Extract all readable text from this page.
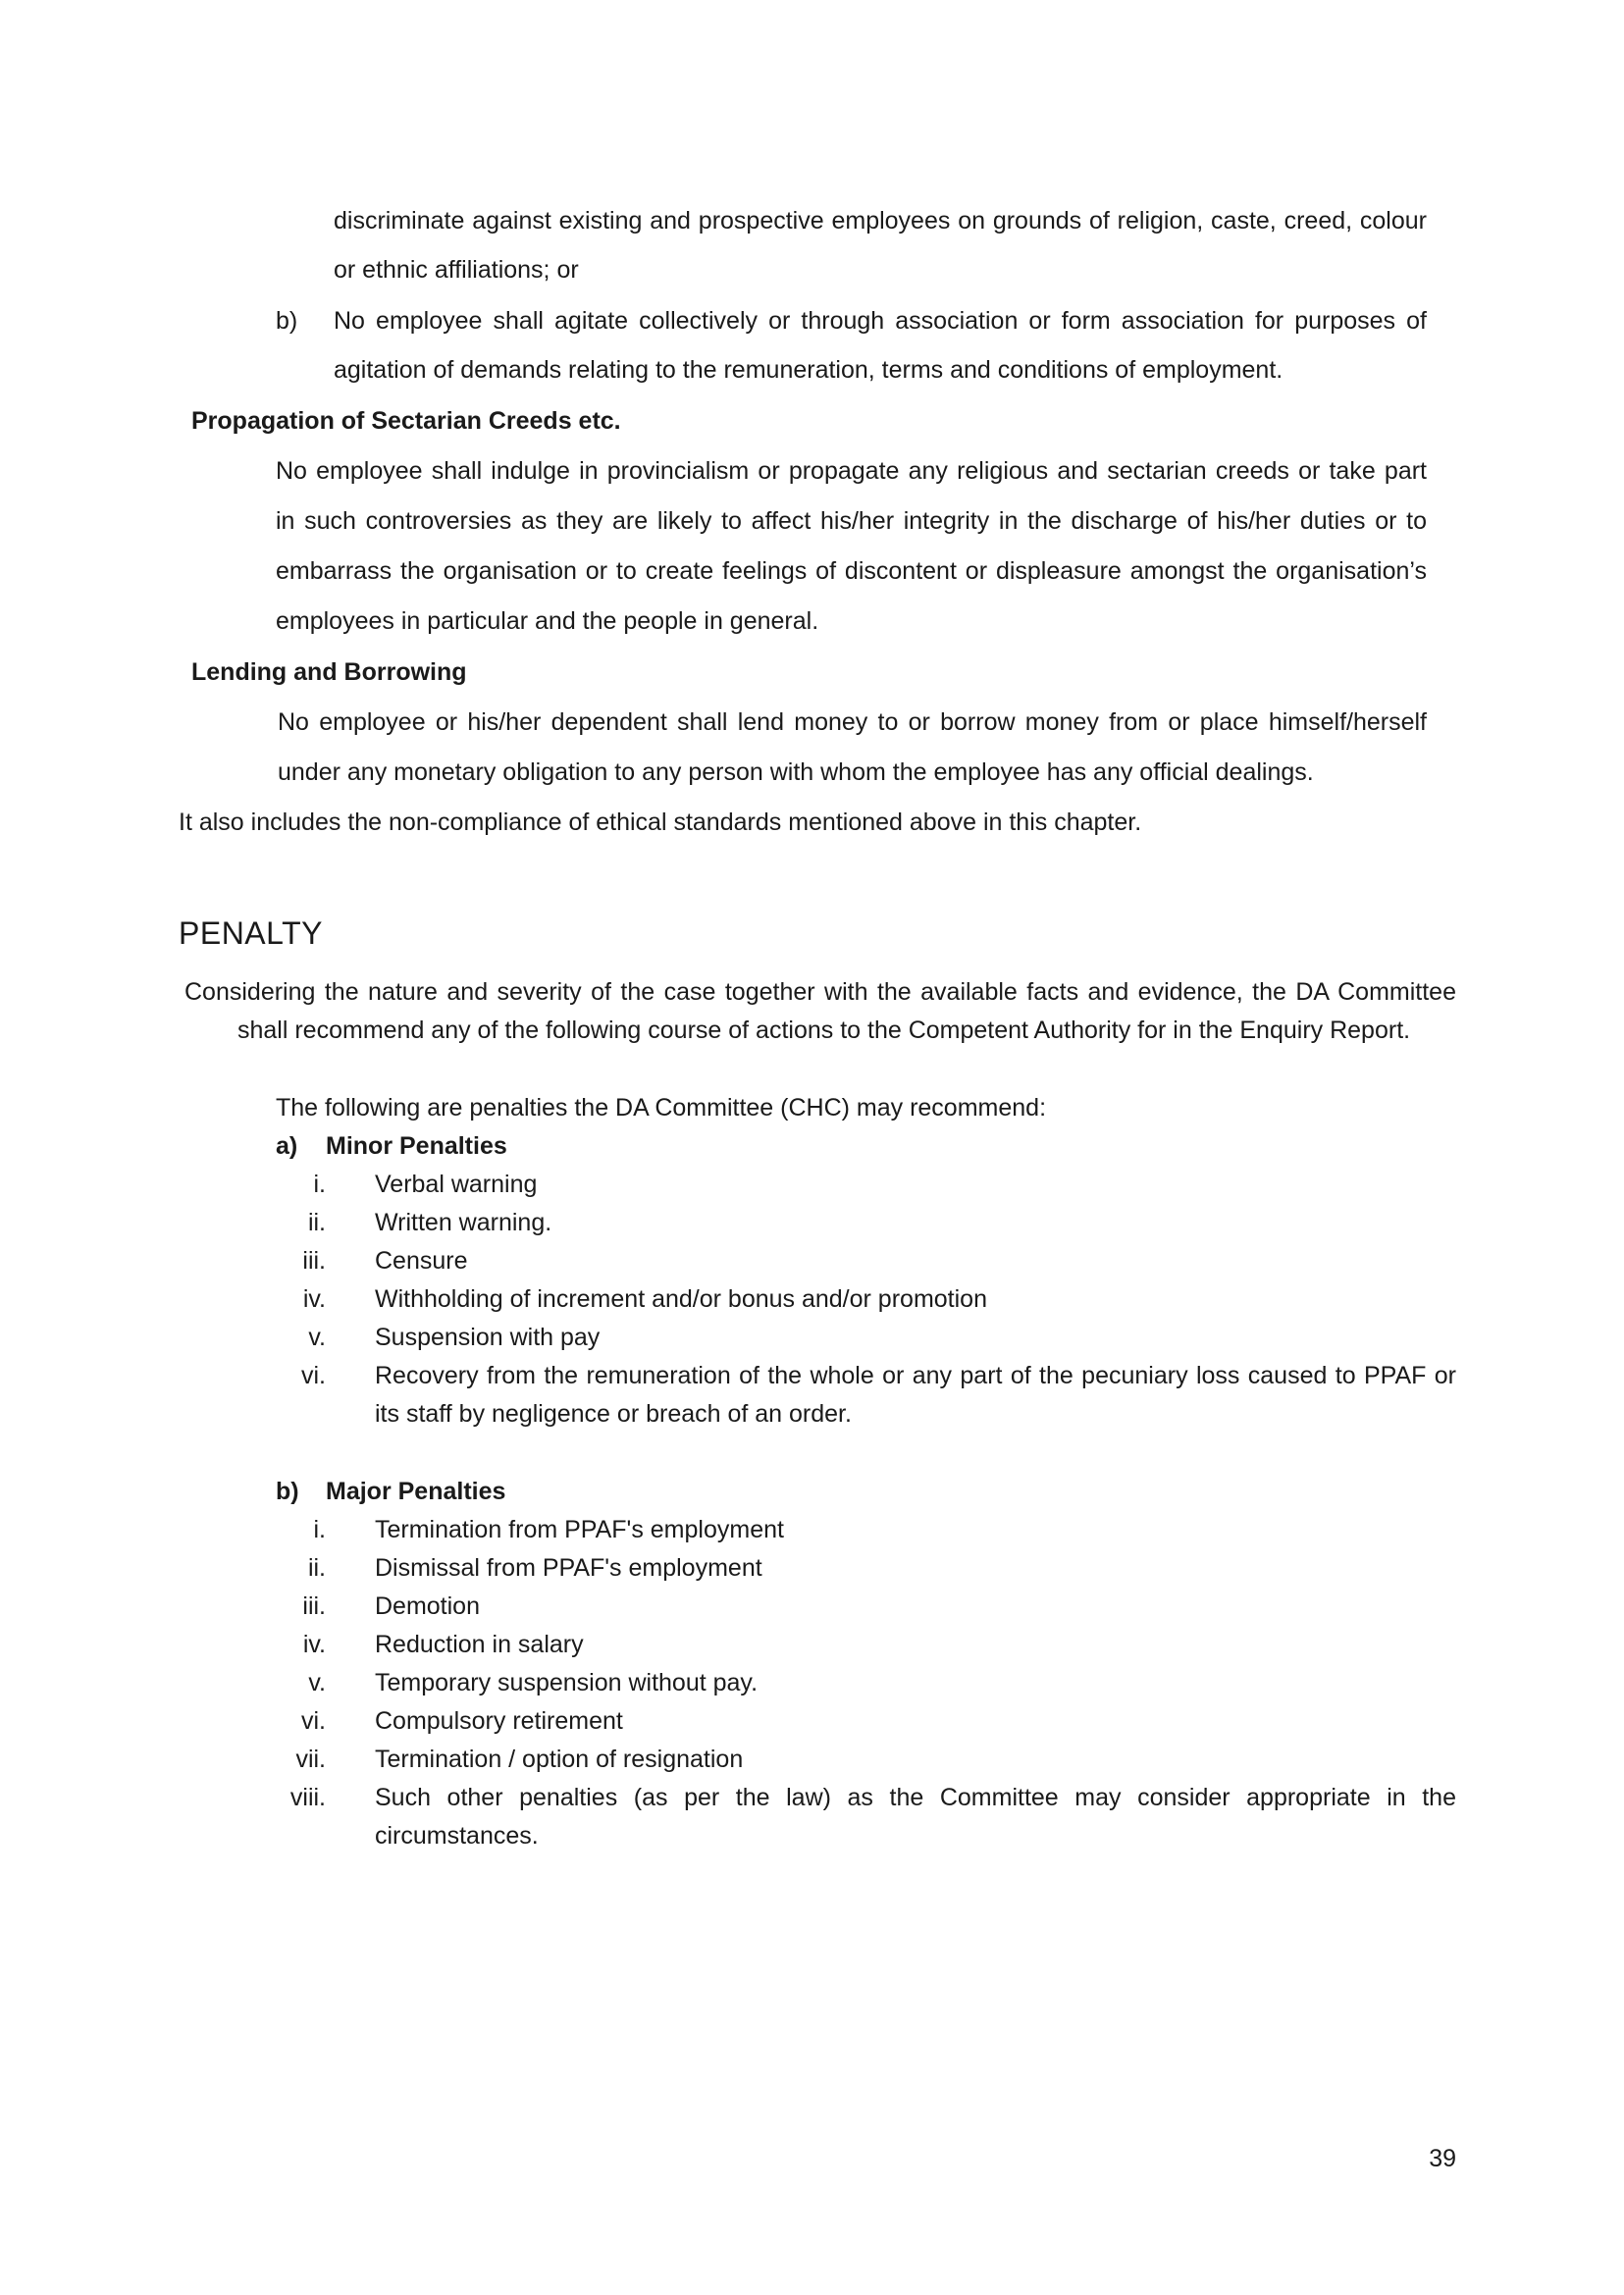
discriminate against existing and prospective employees on grounds of religion, caste, creed, colour
or ethnic affiliations; or
b) No employee shall agitate collectively or through association or form association for purposes of
agitation of demands relating to the remuneration, terms and conditions of employment.
Propagation of Sectarian Creeds etc.
No employee shall indulge in provincialism or propagate any religious and sectarian creeds or take part
in such controversies as they are likely to affect his/her integrity in the discharge of his/her duties or to
embarrass the organisation or to create feelings of discontent or displeasure amongst the organisation’s
employees in particular and the people in general.
Lending and Borrowing
No employee or his/her dependent shall lend money to or borrow money from or place himself/herself
under any monetary obligation to any person with whom the employee has any official dealings.
It also includes the non-compliance of ethical standards mentioned above in this chapter.
PENALTY
Considering the nature and severity of the case together with the available facts and evidence, the DA Committee
shall recommend any of the following course of actions to the Competent Authority for in the Enquiry Report.
The following are penalties the DA Committee (CHC) may recommend:
a) Minor Penalties
i. Verbal warning
ii. Written warning.
iii. Censure
iv. Withholding of increment and/or bonus and/or promotion
v. Suspension with pay
vi. Recovery from the remuneration of the whole or any part of the pecuniary loss caused to PPAF or
its staff by negligence or breach of an order.
b) Major Penalties
i. Termination from PPAF's employment
ii. Dismissal from PPAF's employment
iii. Demotion
iv. Reduction in salary
v. Temporary suspension without pay.
vi. Compulsory retirement
vii. Termination / option of resignation
viii. Such other penalties (as per the law) as the Committee may consider appropriate in the
circumstances.
39
